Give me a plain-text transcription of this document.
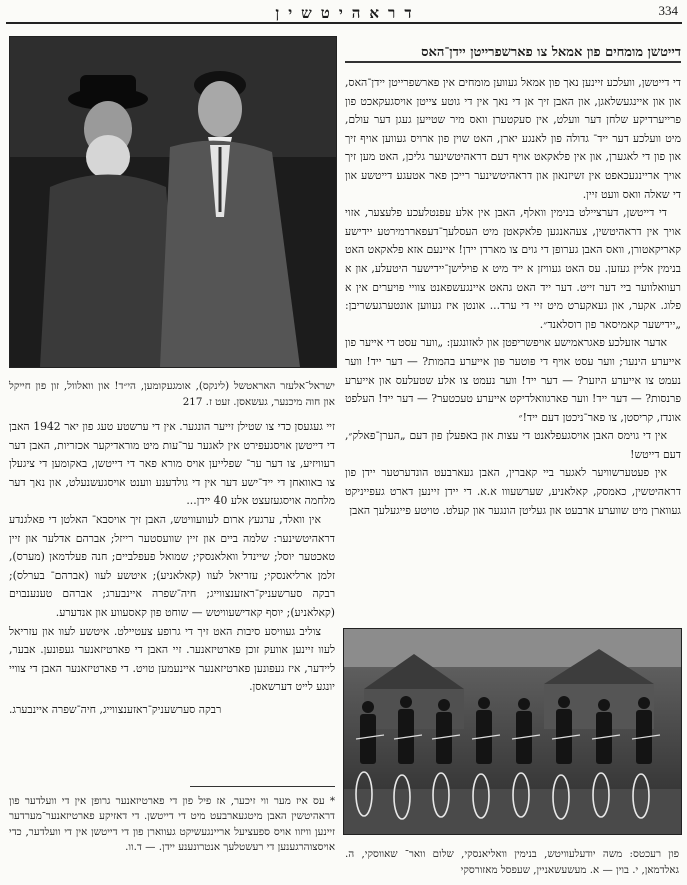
דראהיטשין	334
דייטשן מומחים פון אמאל צו פארשפרייטן יידן־האס

די דייטשן, וועלכע זיינען נאך פון אמאל געווען מומחים אין פארשפרייטן יידן־האס, און און איינגעשלאגן, און האבן זיך אן די נאך אין די גוטע צייטן אויסגעקאכט פון פרייערדיקע שלחן דער וועלט, אין סעקטערן וואס מיר שטייען געגן דער עולם, מיט וועלכע דער ייד־ גדולה פון לאנגע יארן, האט שוין פון ארויס געווען אויף זיך און פון די לאגערן, און אין פלאקאט אויף דעם דראהיטשינער גליכן, האט מען זיך אויך אריינגעכאפט אין זשיזנאון און דראהיטשינער רייכן פאר אטעגע דייטשע און די שאלה וואס וועט זיין.

די דייטשן, דערציילט בנימין וואלף, האבן אין אלע עפנטלעכע פלעצער, אזוי אויך אין דראהיטשין, צעהאנגען פלאקאטן מיט העסלעך־דעפאררמירטע יידישע קאריקאטורן, וואס האבן גערופן די גוים צו מארדן יידן! איינעם אזא פלאקאט האט בנימין אליין געזען. עס האט געוויזן א ייד מיט א פוילישן־יידישער היטעלע, און א רעוואלווער ביי דער זייט. דער ייד האט גהאט איינגעשפאנט צוויי פויערים אין א פלוג. אקער, און געאקערט מיט זיי די ערד... אונטן איז געווען אונטערגעשריבן: „יידישער קאמיסאר פון רוסלאנד״.

אדער אזעלכע פאגראמישע אויפשריפטן און לאזונגען: „ווער עסט די אייער פון אייערע הינער; ווער עסט אויף די פוטער פון אייערע בהמות? — דער ייד! ווער נעמט צו אייערע היזער? — דער ייד! ווער נעמט צו אלע שטעלעס און אייערע פרנסות? — דער ייד! ווער פארגוואלדיקט אייערע טעכטער? — דער ייד! העלפט אונדז, קריסטן, צו פאר־ניכטן דעם ייד!״

אין די גוימס האבן אויסגעפלאנט די עצות און באפעלן פון דעם „הערן־פאלק״, דעם דייטש!

אין פעטערשוויער לאגער ביי קאברין, האבן געארבעט הונדערטער יידן פון דראהיטשין, כאמסק, קאלאניע, שערשעווו א.א. די יידן זיינען דארט געפייניקט געווארן מיט שווערע ארבעט און געליטן הונגער און קעלט. טויטע פייגעלעך האבן

פון רעכטס: משה יודעלעוויטש, בנימין וואליאנסקי, שלום וואר־ שאווסקי, ה. גאלדמאן, י. בוין — א. מעשעשאניין, שעפסל מאזורסקי
ישראל־אלעזר האראטשל (לינקס), אומגעקומען, הי״ד! און וואלוול, זון פון חייקל און חוה מיכנער, געשאסן. זעט ז. 217

זיי געגעסן כדי צו שטילן זייער הונגער. אין די ערשטע טעג פון יאר 1942 האבן די דייטשן אויסגעפירט אין לאגער ער־עות מיט מוראדיקער אכזריות, האבן דער רעוויזיע, צו דער ער־ שפלייען אויס מורא פאר די דייטשן, באקומען די ציגעלן צו באוואחן די ייד־ישע דער אין די גולדענע ווענט אויסגעשנעלט, און נאך דער מלחמה אויסגעזעצט אלע 40 יידן...

אין וואלד, ערגעץ ארום לעוועוויטש, האבן זיך אויסבא־ האלטן די פאלגנדע דראהיטשינער: שלמה ביים און זיין שוועסטער רייזל; אברהם אדלער און זיין טאכטער יוסל; שיינדל וואלאנסקי; שמואל פעפלביים; חנה פעלדמאן (מערס), זלמן ארליאנסקי; עזריאל לעוו (קאלאניע); איטשע לעוו (אברהם־ בערלס); רבקה סערשעניק־ראזענצווייג; חיה־שפרה איינבערג; אברהם טענענבוים (קאלאניע); יוסף קאדישעוויטש — שוחט פון קאסעווע און אנדערע.

צוליב געוויסע סיבות האט זיך די גרופע צעטיילט. איטשע לעוו און עזריאל לעוו זיינען אוועק זוכן פארטיזאנער. זיי האבן די פארטיזאנער געפונען. אבער, ליידער, איז געפונען פארטיזאנער איינעמען טויט. די פארטיזאנער האבן די צוויי יונגע לייט דערשאסן.

רבקה סערשעניק־ראזענצווייג, חיה־שפרה איינבערג.

* עס איז מער ווי זיכער, אז פיל פון די פארטיזאנער גרופן אין די וועלדער פון דראהיטשין האבן מיטגעארבעט מיט די דייטשן. די דאזיקע פארטיזאנער־מערדער זיינען וויזוו אויס ספעציעל אריינגעשיקט געווארן פון די דייטשן אין די וועלדער, כדי אויסצוהרגענען די רעשטלעך אנטרונענע יידן. — ד.וו.
